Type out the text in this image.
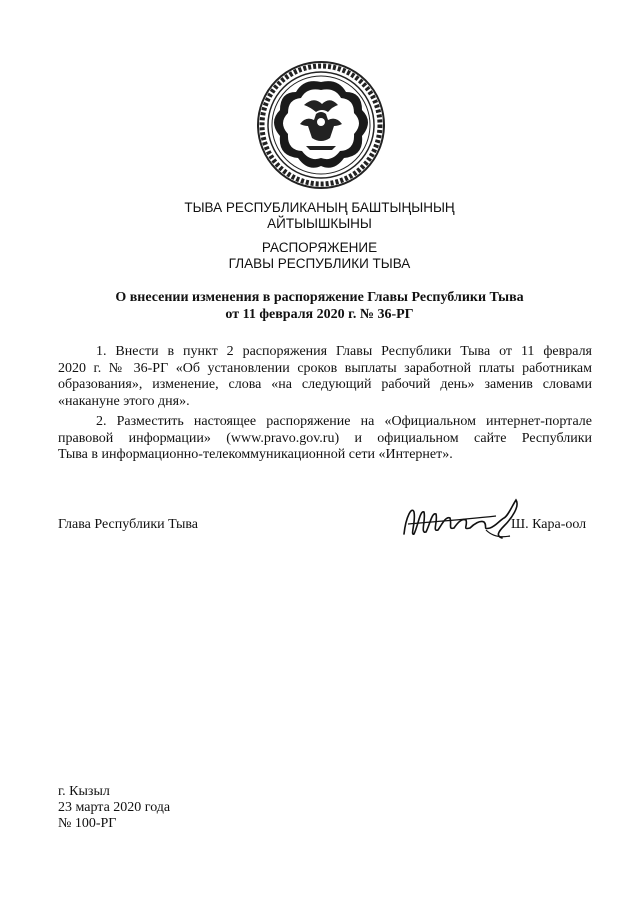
ТЫВА РЕСПУБЛИКАНЫҢ БАШТЫҢЫНЫҢ
АЙТЫЫШКЫНЫ
РАСПОРЯЖЕНИЕ
ГЛАВЫ РЕСПУБЛИКИ ТЫВА
О внесении изменения в распоряжение Главы Республики Тыва
от 11 февраля 2020 г. № 36-РГ
1. Внести в пункт 2 распоряжения Главы Республики Тыва от 11 февраля
2020 г. № 36-РГ «Об установлении сроков выплаты заработной платы работникам
образования», изменение, слова «на следующий рабочий день» заменив словами
«накануне этого дня».
2. Разместить настоящее распоряжение на «Официальном интернет-портале
правовой информации» (www.pravo.gov.ru) и официальном сайте Республики
Тыва в информационно-телекоммуникационной сети «Интернет».
Глава Республики Тыва	Ш. Кара-оол
г. Кызыл
23 марта 2020 года
№ 100-РГ
